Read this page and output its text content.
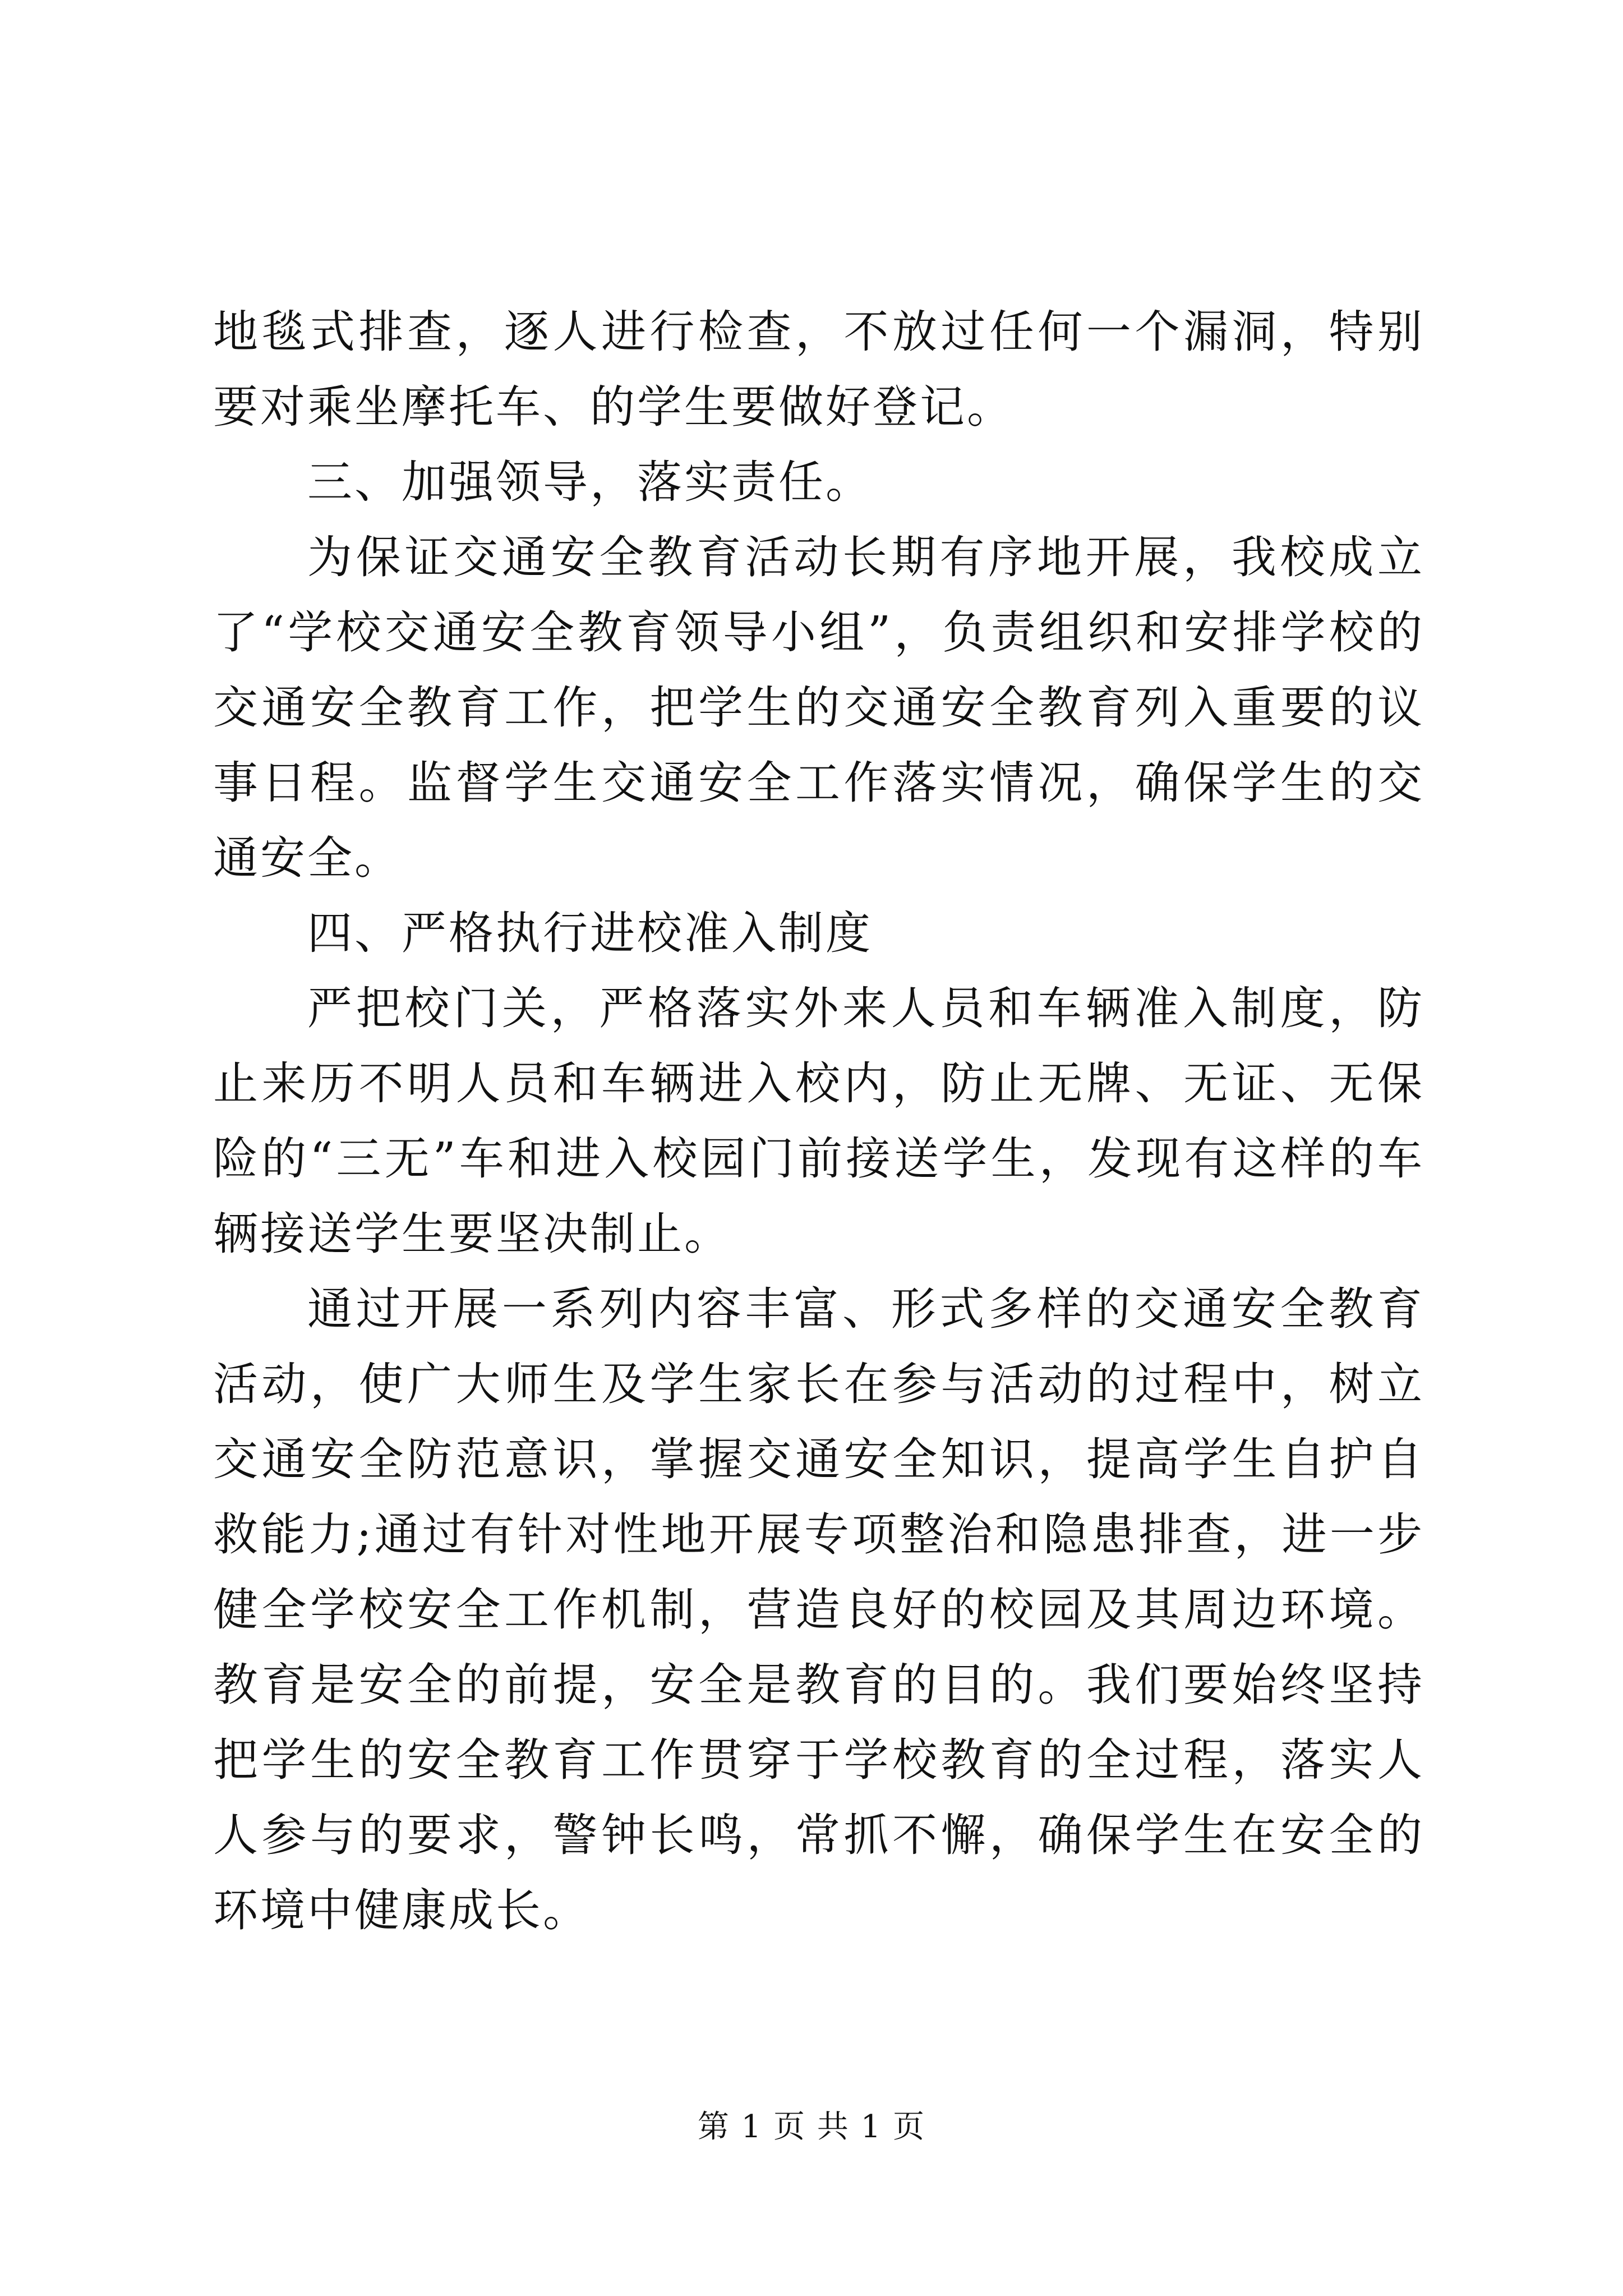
地毯式排查，逐人进行检查，不放过任何一个漏洞，特别要对乘坐摩托车、的学生要做好登记。

三、加强领导，落实责任。

为保证交通安全教育活动长期有序地开展，我校成立了“学校交通安全教育领导小组”，负责组织和安排学校的交通安全教育工作，把学生的交通安全教育列入重要的议事日程。监督学生交通安全工作落实情况，确保学生的交通安全。

四、严格执行进校准入制度

严把校门关，严格落实外来人员和车辆准入制度，防止来历不明人员和车辆进入校内，防止无牌、无证、无保险的“三无”车和进入校园门前接送学生，发现有这样的车辆接送学生要坚决制止。

通过开展一系列内容丰富、形式多样的交通安全教育活动，使广大师生及学生家长在参与活动的过程中，树立交通安全防范意识，掌握交通安全知识，提高学生自护自救能力;通过有针对性地开展专项整治和隐患排查，进一步健全学校安全工作机制，营造良好的校园及其周边环境。教育是安全的前提，安全是教育的目的。我们要始终坚持把学生的安全教育工作贯穿于学校教育的全过程，落实人人参与的要求，警钟长鸣，常抓不懈，确保学生在安全的环境中健康成长。

第 1 页 共 1 页
